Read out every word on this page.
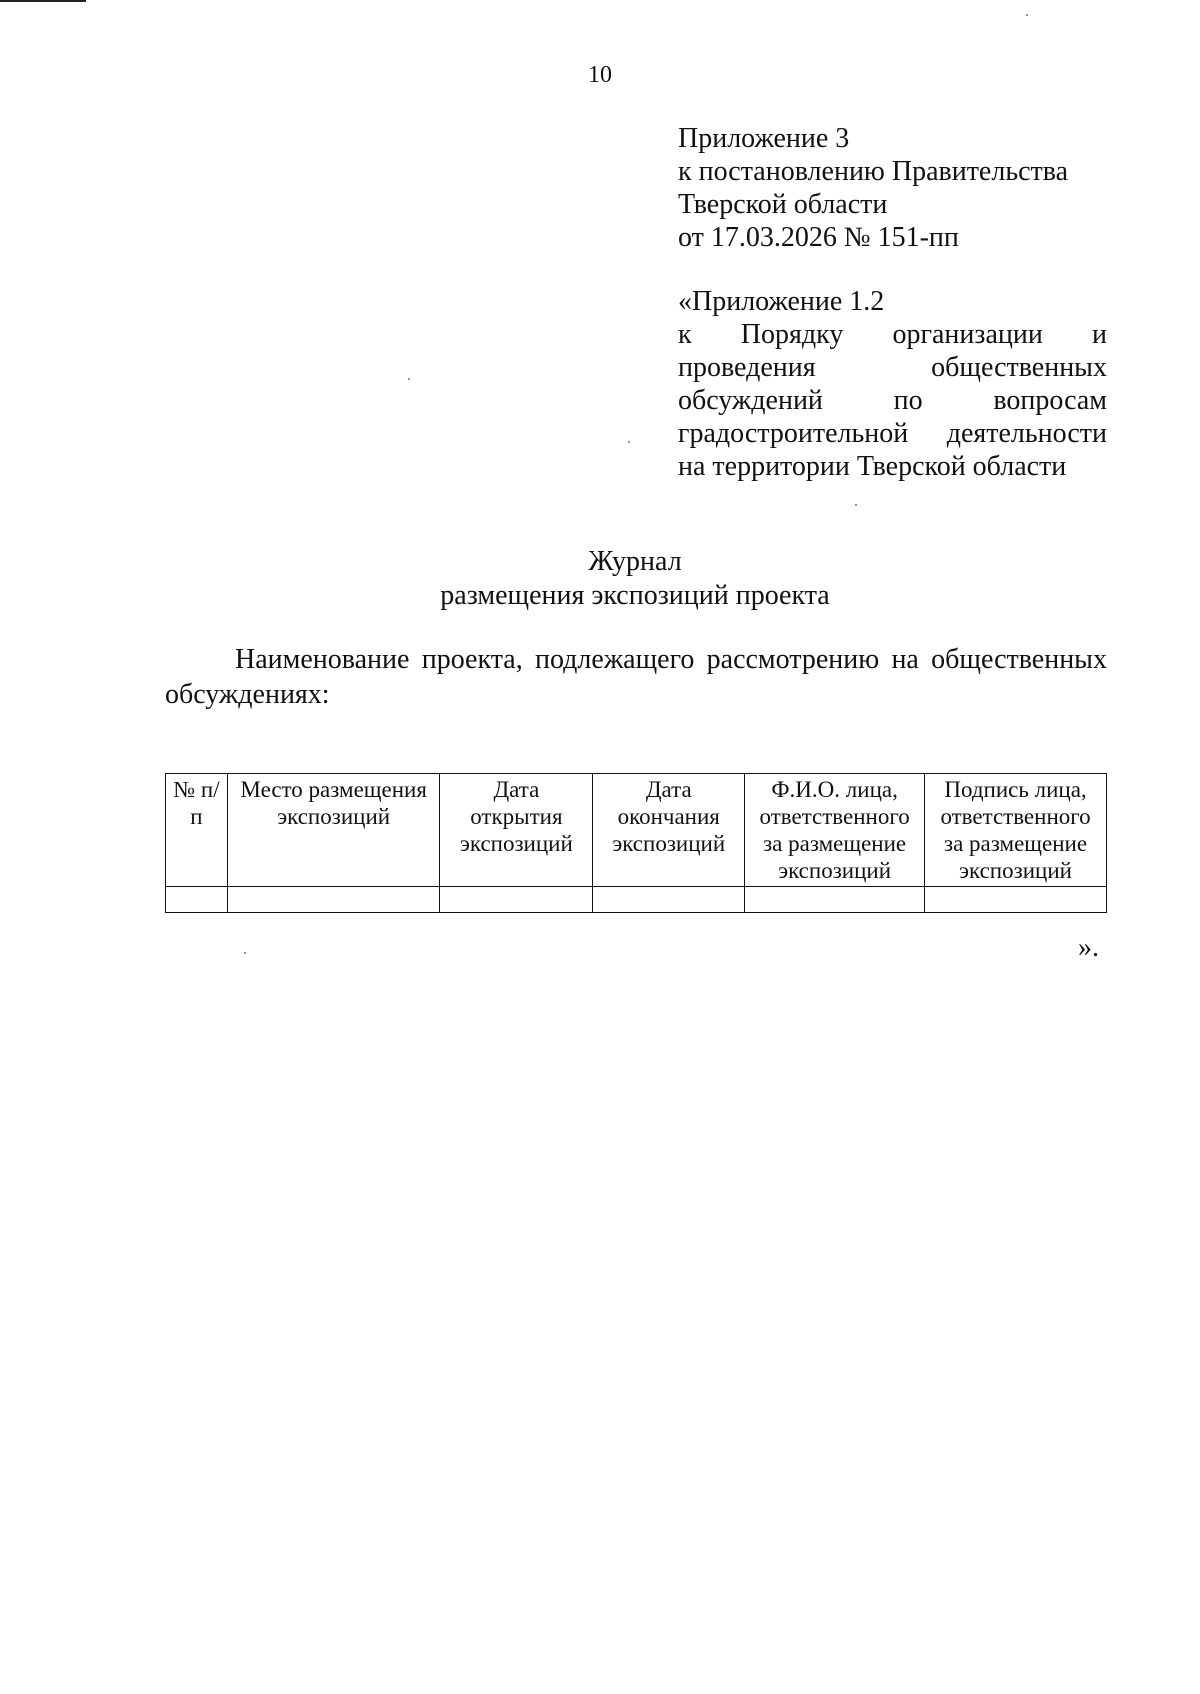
10
Приложение 3
к постановлению Правительства
Тверской области
от 17.03.2026 № 151-пп
«Приложение 1.2
к Порядку организации и проведения общественных обсуждений по вопросам градостроительной деятельности на территории Тверской области
Журнал
размещения экспозиций проекта
Наименование проекта, подлежащего рассмотрению на общественных обсуждениях:
№ п/п	Место размещения экспозиций	Дата открытия экспозиций	Дата окончания экспозиций	Ф.И.О. лица, ответственного за размещение экспозиций	Подпись лица, ответственного за размещение экспозиций

».
